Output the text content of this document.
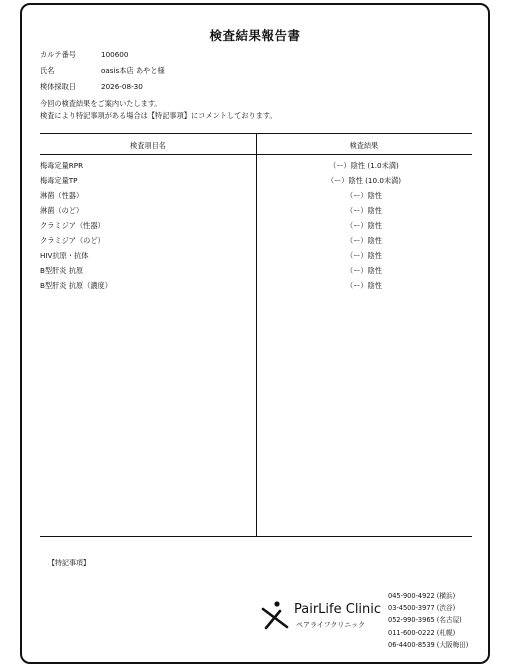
検査結果報告書
カルテ番号	100600
氏名	oasis本店 あやと様
検体採取日	2026-08-30
今回の検査結果をご案内いたします。
検査により特記事項がある場合は【特記事項】にコメントしております。
検査項目名	検査結果
梅毒定量RPR	（ー）陰性 (1.0未満)
梅毒定量TP	（ー）陰性 (10.0未満)
淋菌（性器）	（ー）陰性
淋菌（のど）	（ー）陰性
クラミジア（性器）	（ー）陰性
クラミジア（のど）	（ー）陰性
HIV抗原・抗体	（ー）陰性
B型肝炎 抗原	（ー）陰性
B型肝炎 抗原（濃度）	（ー）陰性
【特記事項】
PairLife Clinic
ペアライフクリニック
045-900-4922 (横浜)
03-4500-3977 (渋谷)
052-990-3965 (名古屋)
011-600-0222 (札幌)
06-4400-8539 (大阪梅田)
